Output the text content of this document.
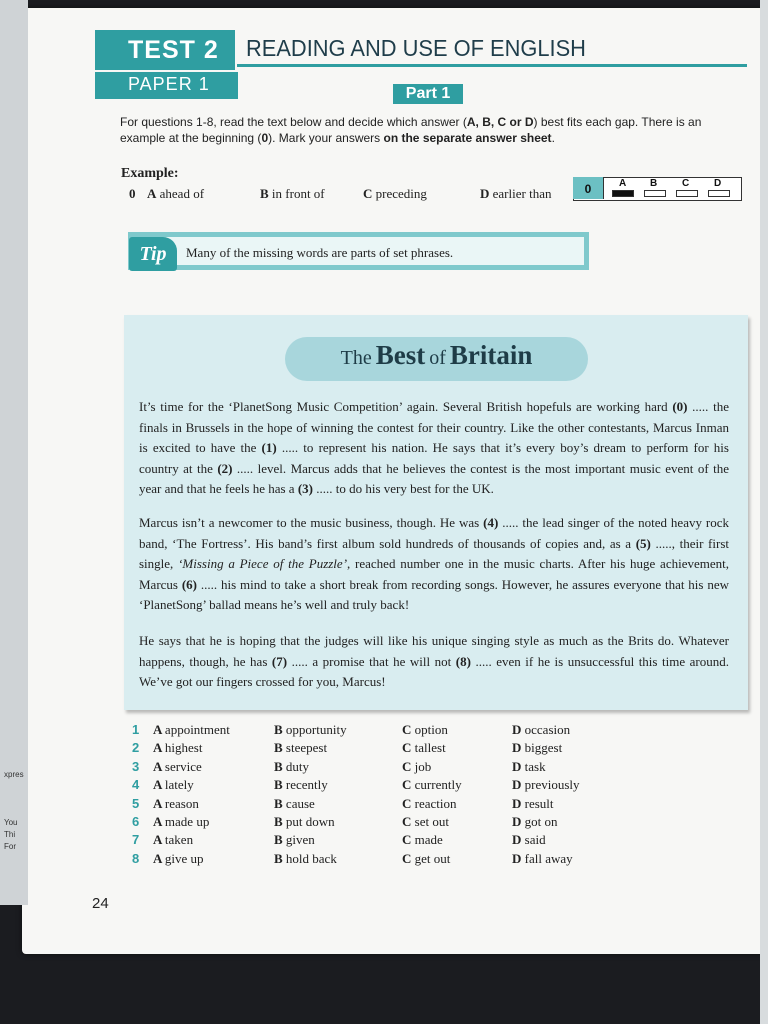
xpres
You
Thi
For
TEST 2
PAPER 1
READING AND USE OF ENGLISH
Part 1
For questions 1-8, read the text below and decide which answer (A, B, C or D) best fits each gap. There is an example at the beginning (0). Mark your answers on the separate answer sheet.
Example:
0 A ahead of	B in front of	C preceding	D earlier than	0	A B C D
Tip	Many of the missing words are parts of set phrases.
The Best of Britain
It’s time for the ‘PlanetSong Music Competition’ again. Several British hopefuls are working hard (0) ..... the finals in Brussels in the hope of winning the contest for their country. Like the other contestants, Marcus Inman is excited to have the (1) ..... to represent his nation. He says that it’s every boy’s dream to perform for his country at the (2) ..... level. Marcus adds that he believes the contest is the most important music event of the year and that he feels he has a (3) ..... to do his very best for the UK.
Marcus isn’t a newcomer to the music business, though. He was (4) ..... the lead singer of the noted heavy rock band, ‘The Fortress’. His band’s first album sold hundreds of thousands of copies and, as a (5) ....., their first single, ‘Missing a Piece of the Puzzle’, reached number one in the music charts. After his huge achievement, Marcus (6) ..... his mind to take a short break from recording songs. However, he assures everyone that his new ‘PlanetSong’ ballad means he’s well and truly back!
He says that he is hoping that the judges will like his unique singing style as much as the Brits do. Whatever happens, though, he has (7) ..... a promise that he will not (8) ..... even if he is unsuccessful this time around. We’ve got our fingers crossed for you, Marcus!
1	A appointment	B opportunity	C option	D occasion
2	A highest	B steepest	C tallest	D biggest
3	A service	B duty	C job	D task
4	A lately	B recently	C currently	D previously
5	A reason	B cause	C reaction	D result
6	A made up	B put down	C set out	D got on
7	A taken	B given	C made	D said
8	A give up	B hold back	C get out	D fall away
24
